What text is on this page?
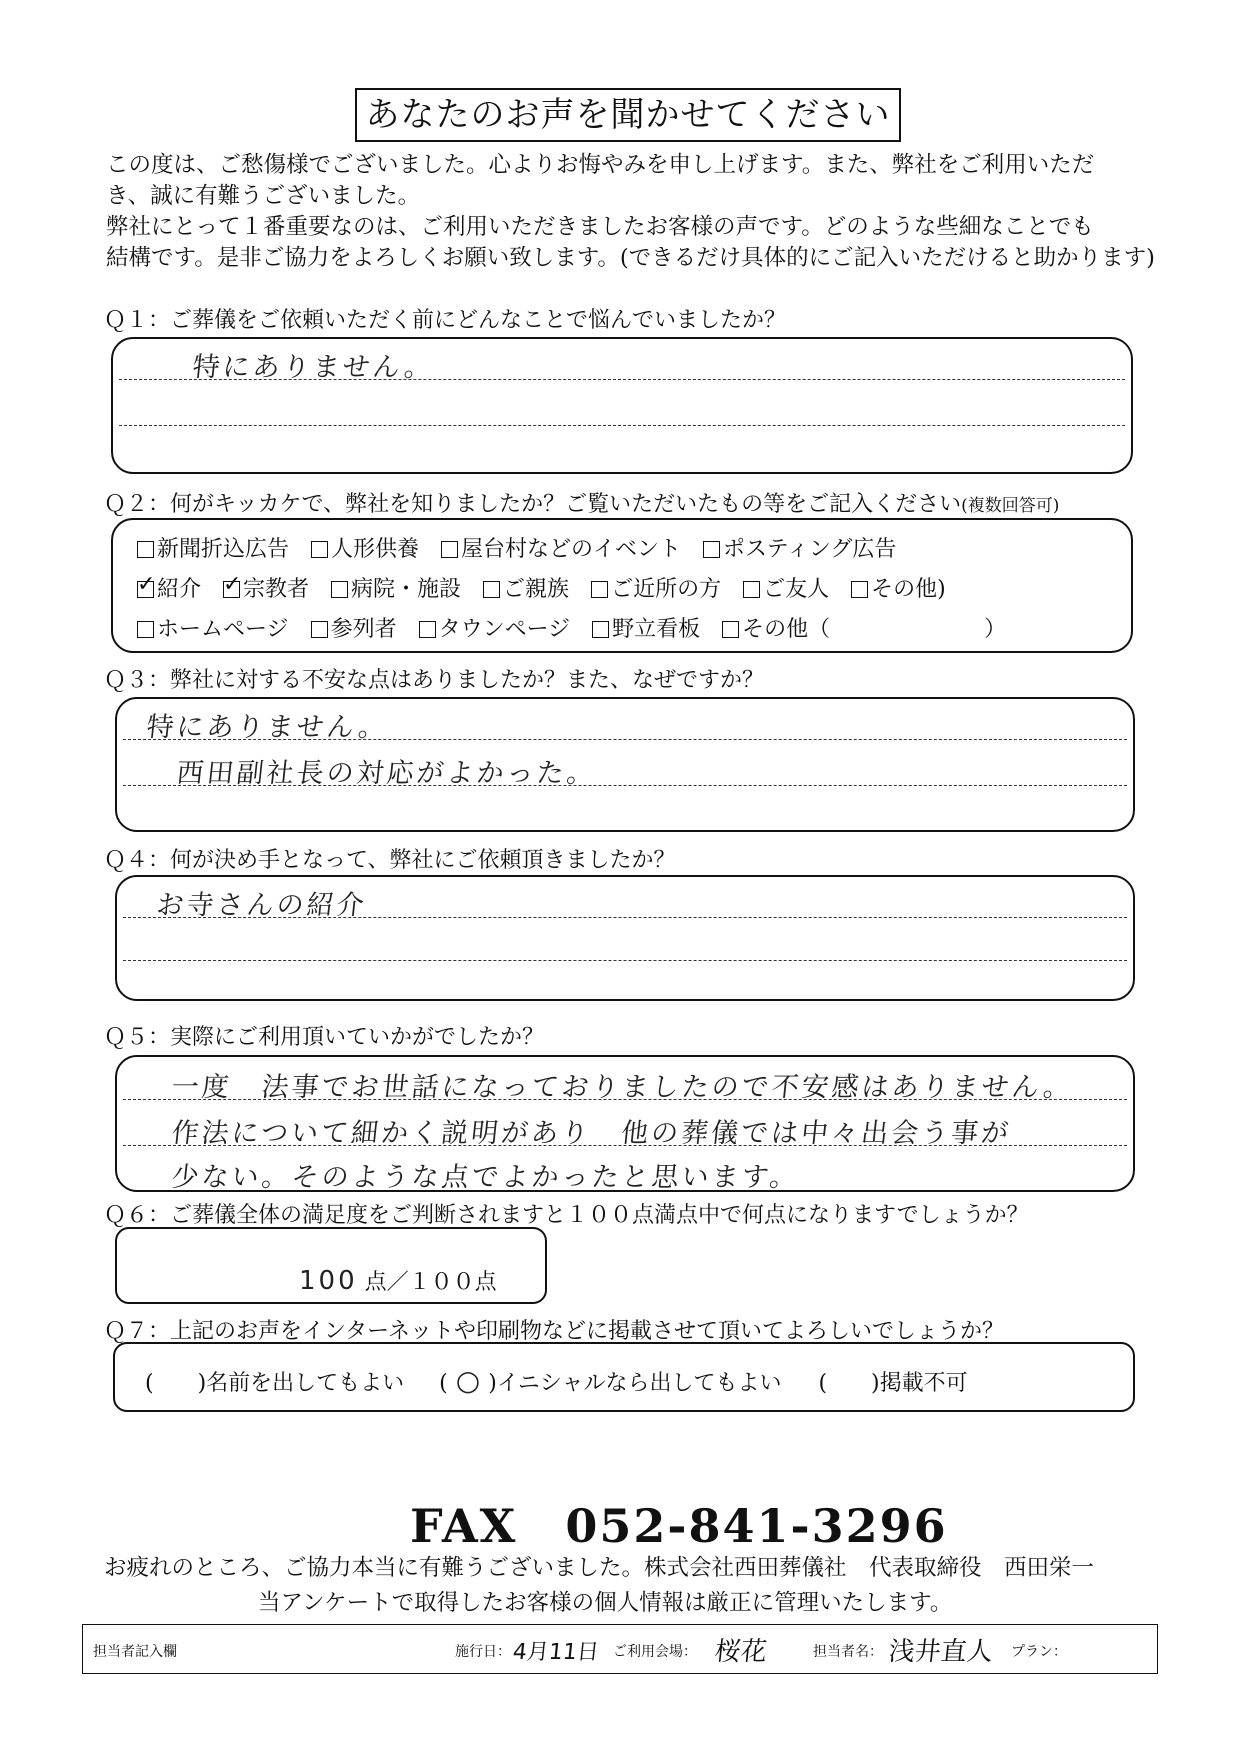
あなたのお声を聞かせてください
この度は、ご愁傷様でございました。心よりお悔やみを申し上げます。また、弊社をご利用いただ
き、誠に有難うございました。
弊社にとって１番重要なのは、ご利用いただきましたお客様の声です。どのような些細なことでも
結構です。是非ご協力をよろしくお願い致します。(できるだけ具体的にご記入いただけると助かります)
Ｑ１：ご葬儀をご依頼いただく前にどんなことで悩んでいましたか？
特にありません。
Ｑ２：何がキッカケで、弊社を知りましたか？ご覧いただいたもの等をご記入ください(複数回答可)
新聞折込広告 人形供養 屋台村などのイベント ポスティング広告
✓紹介 ✓ 宗教者 病院・施設 ご親族 ご近所の方 ご友人 その他)
ホームページ 参列者 タウンページ 野立看板 その他（　　　　　　　）
Ｑ３：弊社に対する不安な点はありましたか？また、なぜですか？
特にありません。
西田副社長の対応がよかった。
Ｑ４：何が決め手となって、弊社にご依頼頂きましたか？
お寺さんの紹介
Ｑ５：実際にご利用頂いていかがでしたか？
一度　法事でお世話になっておりましたので不安感はありません。
作法について細かく説明があり　他の葬儀では中々出会う事が
少ない。そのような点でよかったと思います。
Ｑ６：ご葬儀全体の満足度をご判断されますと１００点満点中で何点になりますでしょうか？
100 点／１００点
Ｑ７：上記のお声をインターネットや印刷物などに掲載させて頂いてよろしいでしょうか？
(　　)名前を出してもよい ( ○ )イニシャルなら出してもよい (　　)掲載不可
FAX　052-841-3296
お疲れのところ、ご協力本当に有難うございました。株式会社西田葬儀社　代表取締役　西田栄一
当アンケートで取得したお客様の個人情報は厳正に管理いたします。
担当者記入欄	施行日： 4月11日 ご利用会場： 桜花	担当者名： 浅井直人 プラン：
